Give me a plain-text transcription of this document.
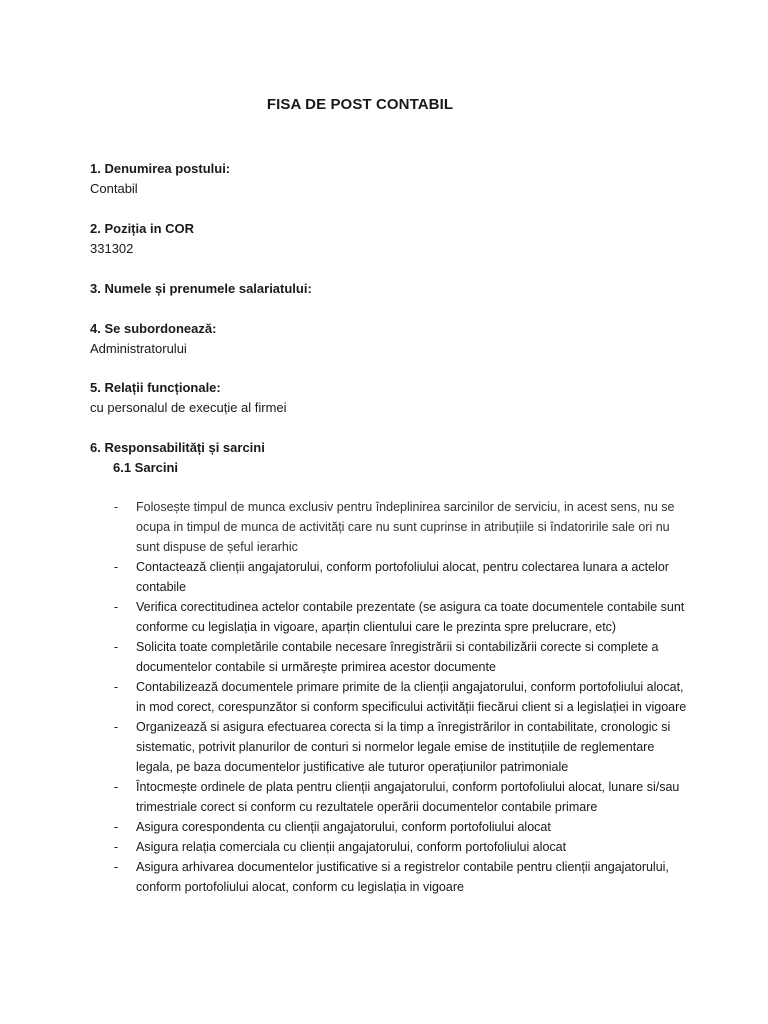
FISA DE POST CONTABIL
1. Denumirea postului:
Contabil
2. Poziția in COR
331302
3. Numele și prenumele salariatului:
4. Se subordonează:
Administratorului
5. Relații funcționale:
cu personalul de execuție al firmei
6. Responsabilități și sarcini
6.1 Sarcini
- Folosește timpul de munca exclusiv pentru îndeplinirea sarcinilor de serviciu, in acest sens, nu se ocupa in timpul de munca de activități care nu sunt cuprinse in atribuțiile si îndatoririle sale ori nu sunt dispuse de șeful ierarhic
- Contactează clienții angajatorului, conform portofoliului alocat, pentru colectarea lunara a actelor contabile
- Verifica corectitudinea actelor contabile prezentate (se asigura ca toate documentele contabile sunt conforme cu legislația in vigoare, aparțin clientului care le prezinta spre prelucrare, etc)
- Solicita toate completările contabile necesare înregistrării si contabilizării corecte si complete a documentelor contabile si urmărește primirea acestor documente
- Contabilizează documentele primare primite de la clienții angajatorului, conform portofoliului alocat, in mod corect, corespunzător si conform specificului activității fiecărui client si a legislației in vigoare
- Organizează si asigura efectuarea corecta si la timp a înregistrărilor in contabilitate, cronologic si sistematic, potrivit planurilor de conturi si normelor legale emise de instituțiile de reglementare legala, pe baza documentelor justificative ale tuturor operațiunilor patrimoniale
- Întocmește ordinele de plata pentru clienții angajatorului, conform portofoliului alocat, lunare si/sau trimestriale corect si conform cu rezultatele operării documentelor contabile primare
- Asigura corespondenta cu clienții angajatorului, conform portofoliului alocat
- Asigura relația comerciala cu clienții angajatorului, conform portofoliului alocat
- Asigura arhivarea documentelor justificative si a registrelor contabile pentru clienții angajatorului, conform portofoliului alocat, conform cu legislația in vigoare
